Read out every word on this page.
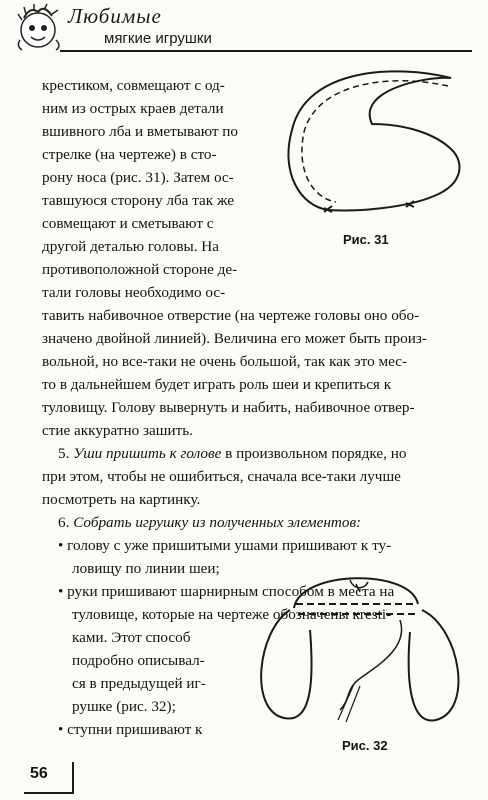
Любимые
мягкие игрушки
Рис. 31
крестиком, совмещают с од-
ним из острых краев детали
вшивного лба и вметывают по
стрелке (на чертеже) в сто-
рону носа (рис. 31). Затем ос-
тавшуюся сторону лба так же
совмещают и сметывают с
другой деталью головы. На
противоположной стороне де-
тали головы необходимо ос-
тавить набивочное отверстие (на чертеже головы оно обо-
значено двойной линией). Величина его может быть произ-
вольной, но все-таки не очень большой, так как это мес-
то в дальнейшем будет играть роль шеи и крепиться к
туловищу. Голову вывернуть и набить, набивочное отвер-
стие аккуратно зашить.
5. Уши пришить к голове в произвольном порядке, но
при этом, чтобы не ошибиться, сначала все-таки лучше
посмотреть на картинку.
6. Собрать игрушку из полученных элементов:
• голову с уже пришитыми ушами пришивают к ту-
ловищу по линии шеи;
• руки пришивают шарнирным способом в места на
туловище, которые на чертеже обозначены кresti-
ками. Этот способ
подробно описывал-
ся в предыдущей иг-
рушке (рис. 32);
• ступни пришивают к
Рис. 32
56
